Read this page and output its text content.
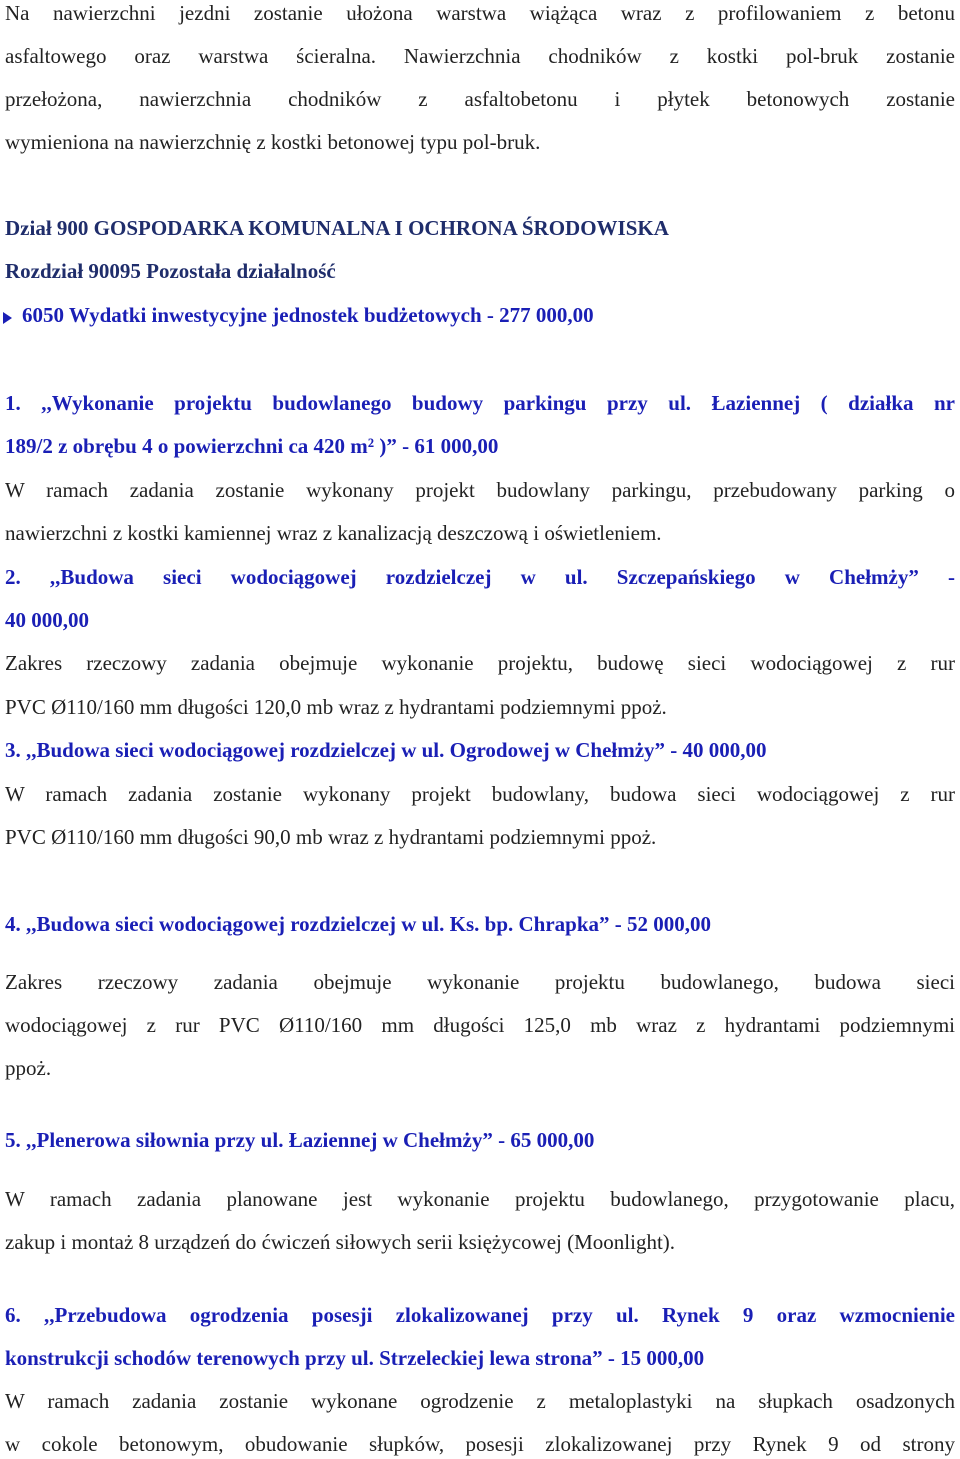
Na nawierzchni jezdni zostanie ułożona warstwa wiążąca wraz z profilowaniem z betonu
asfaltowego oraz warstwa ścieralna. Nawierzchnia chodników z kostki pol-bruk zostanie
przełożona, nawierzchnia chodników z asfaltobetonu i płytek betonowych zostanie
wymieniona na nawierzchnię z kostki betonowej typu pol-bruk.
Dział 900 GOSPODARKA KOMUNALNA I OCHRONA ŚRODOWISKA
Rozdział 90095 Pozostała działalność
6050 Wydatki inwestycyjne jednostek budżetowych - 277 000,00
1. ,,Wykonanie projektu budowlanego budowy parkingu przy ul. Łaziennej ( działka nr
189/2 z obrębu 4 o powierzchni ca 420 m² )” - 61 000,00
W ramach zadania zostanie wykonany projekt budowlany parkingu, przebudowany parking o
nawierzchni z kostki kamiennej wraz z kanalizacją deszczową i oświetleniem.
2. ,,Budowa sieci wodociągowej rozdzielczej w ul. Szczepańskiego w Chełmży” -
40 000,00
Zakres rzeczowy zadania obejmuje wykonanie projektu, budowę sieci wodociągowej z rur
PVC Ø110/160 mm długości 120,0 mb wraz z hydrantami podziemnymi ppoż.
3. ,,Budowa sieci wodociągowej rozdzielczej w ul. Ogrodowej w Chełmży” - 40 000,00
W ramach zadania zostanie wykonany projekt budowlany, budowa sieci wodociągowej z rur
PVC Ø110/160 mm długości 90,0 mb wraz z hydrantami podziemnymi ppoż.
4. ,,Budowa sieci wodociągowej rozdzielczej w ul. Ks. bp. Chrapka” - 52 000,00
Zakres rzeczowy zadania obejmuje wykonanie projektu budowlanego, budowa sieci
wodociągowej z rur PVC Ø110/160 mm długości 125,0 mb wraz z hydrantami podziemnymi
ppoż.
5. ,,Plenerowa siłownia przy ul. Łaziennej w Chełmży” - 65 000,00
W ramach zadania planowane jest wykonanie projektu budowlanego, przygotowanie placu,
zakup i montaż 8 urządzeń do ćwiczeń siłowych serii księżycowej (Moonlight).
6. ,,Przebudowa ogrodzenia posesji zlokalizowanej przy ul. Rynek 9 oraz wzmocnienie
konstrukcji schodów terenowych przy ul. Strzeleckiej lewa strona” - 15 000,00
W ramach zadania zostanie wykonane ogrodzenie z metaloplastyki na słupkach osadzonych
w cokole betonowym, obudowanie słupków, posesji zlokalizowanej przy Rynek 9 od strony
